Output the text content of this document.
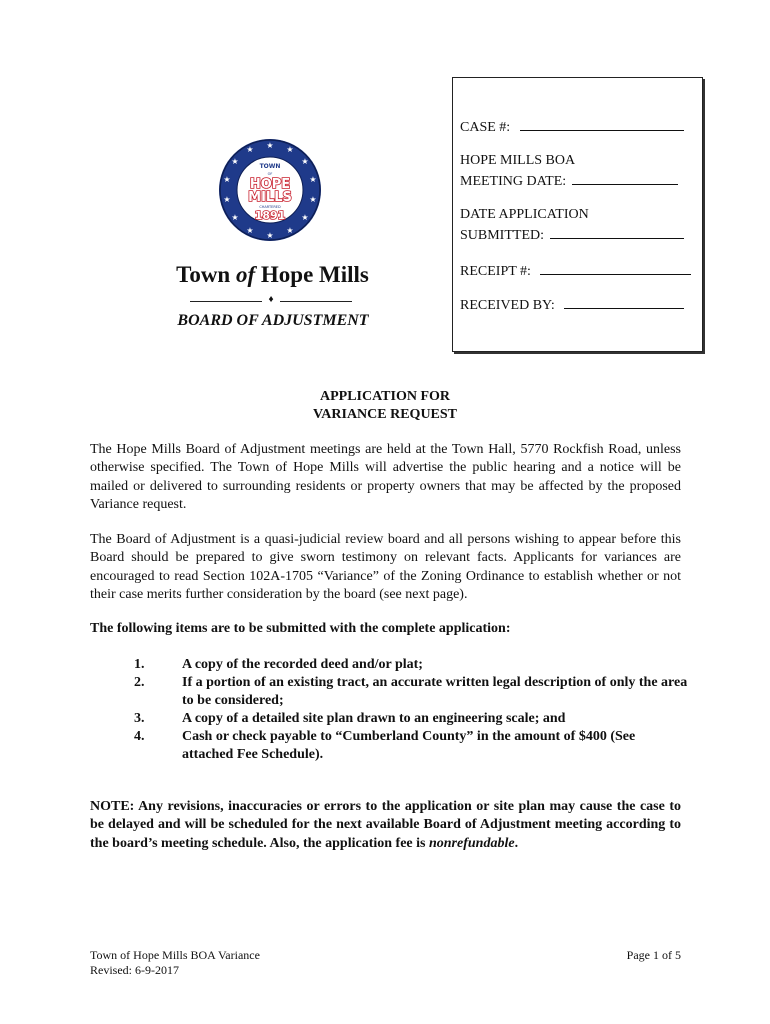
★ ★
★
★
★
★
★
★
★
★
★
★
★
★
TOWN
OF
HOPE
MILLS
CHARTERED
1891
Town of Hope Mills
♦
BOARD OF ADJUSTMENT
CASE #:
HOPE MILLS BOA
MEETING DATE:
DATE APPLICATION
SUBMITTED:
RECEIPT #:
RECEIVED BY:
APPLICATION FOR
VARIANCE REQUEST
The Hope Mills Board of Adjustment meetings are held at the Town Hall, 5770 Rockfish Road, unless otherwise specified. The Town of Hope Mills will advertise the public hearing and a notice will be mailed or delivered to surrounding residents or property owners that may be affected by the proposed Variance request.
The Board of Adjustment is a quasi-judicial review board and all persons wishing to appear before this Board should be prepared to give sworn testimony on relevant facts. Applicants for variances are encouraged to read Section 102A-1705 “Variance” of the Zoning Ordinance to establish whether or not their case merits further consideration by the board (see next page).
The following items are to be submitted with the complete application:
1.	A copy of the recorded deed and/or plat;
2.	If a portion of an existing tract, an accurate written legal description of only the area to be considered;
3.	A copy of a detailed site plan drawn to an engineering scale; and
4.	Cash or check payable to “Cumberland County” in the amount of $400 (See attached Fee Schedule).
NOTE: Any revisions, inaccuracies or errors to the application or site plan may cause the case to be delayed and will be scheduled for the next available Board of Adjustment meeting according to the board’s meeting schedule. Also, the application fee is nonrefundable.
Town of Hope Mills BOA Variance
Revised: 6-9-2017
Page 1 of 5
